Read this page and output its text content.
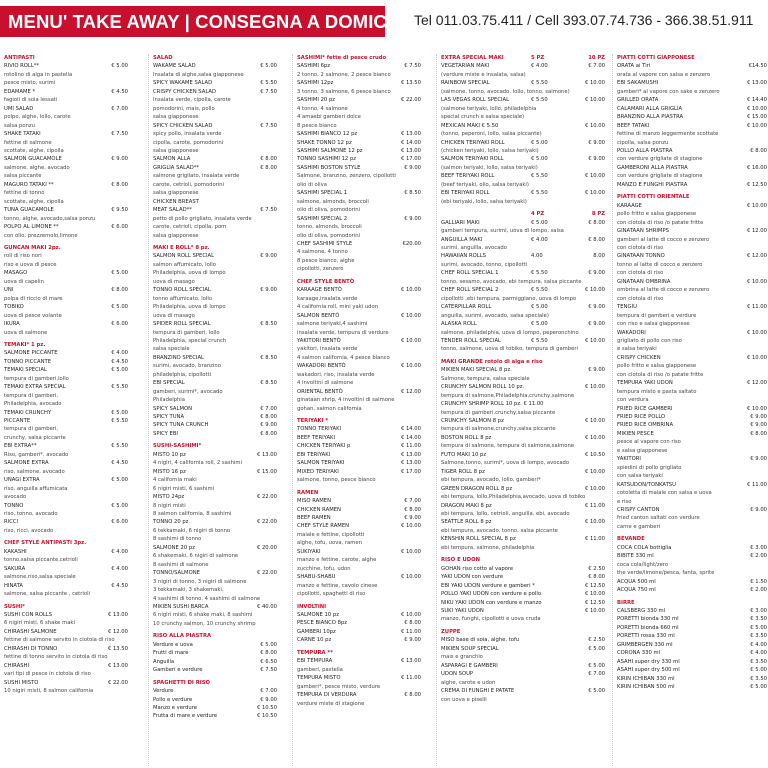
MENU' TAKE AWAY | CONSEGNA A DOMICILO
Tel 011.03.75.411 / Cell 393.07.74.736 - 366.38.51.911
ANTIPASTI
RIVIO ROLL**	€ 5.00
rotolino di alga in pastella
pesce misto, surimi
EDAMAME *	€ 4.50
fagioli di soia lessati
UMI SALAD	€ 7.00
polpo, alghe, lollo, carote
salsa ponzu
SHAKE TATAKI	€ 7.50
fettine di salmone
scottate, alghe, cipolla
SALMON GUACAMOLE	€ 9.00
salmone, alghe, avocado
salsa piccante
MAGURO TATAKI **	€ 8.00
fettine di tonno
scottate, alghe, cipolla
TUNA GUACAMOLE	€ 9.50
tonno, alghe, avocado,salsa ponzu
POLPO AL LIMONE **	€ 6.00
con olio, prezzemolo,limone
GUNCAN MAKI 2pz.
roll di riso nori
riso e uova di pesce
MASAGO	€ 5.00
uova di capelin
UNI	€ 8.00
polpa di riccio di mare
TOBIKO	€ 5.00
uova di pesce volante
IKURA	€ 6.00
uova di salmone
TEMAKI* 1 pz.
SALMONE PICCANTE	€ 4.00
TONNO PICCANTE	€ 4.50
TEMAKI SPECIAL	€ 5.00
tempura di gamberi,lollo
TEMAKI EXTRA SPECIAL	€ 5.50
tempura di gamberi,
Philadelphia, avocado
TEMAKI CRUNCHY	€ 5.00
PICCANTE	€ 5.50
tempura di gamberi,
crunchy, salsa piccante
EBI EXTRA**	€ 5.50
Riso, gamberi*, avocado
SALMONE EXTRA	€ 4.50
riso, salmone, avocado
UNAGI EXTRA	€ 5.00
riso, anguilla affumicata
avocado
TONNO	€ 5.00
riso, tonno, avocado
RICCI	€ 6.00
riso, ricci, avocado
CHEF STYLE ANTIPASTI 3pz.
KAKASHI	€ 4.00
tonno,salsa piccante,cetrioli
SAKURA	€ 4.00
salmone,riso,salsa speciale
HINATA	€ 4.50
salmone, salsa piccante , cetrioli
SUSHI*
SUSHI CON ROLLS	€ 13.00
6 nigiri misti, 6 shake maki
CHIRASHI SALMONE	€ 12.00
fettine di salmone servito in ciotola di riso
CHIRASHI DI TONNO	€ 13.50
fettine di tonno servito in ciotola di riso
CHIRASHI	€ 13.00
vari tipi di pesce in ciotola di riso
SUSHI MISTO	€ 22.00
10 nigiri misti, 8 salmon california
SALAD
WAKAME SALAD	€ 5.00
Insalata di alghe,salsa giapponese
SPICY WAKAME SALAD	€ 5.50
CRISPY CHICKEN SALAD	€ 7.50
Insalata verde, cipolla, carote
pomodorini, mais, pollo
salsa giapponese
SPICY CHICKEN SALAD	€ 7.50
spicy pollo, insalata verde
cipolla, carote, pomodorini
salsa giapponese
SALMON ALLA	€ 8.00
GRIGLIA SALAD**	€ 8.00
salmone grigliato, insalata verde
carote, cetrioli, pomodorini
salsa giapponese
CHICKEN BREAST
MEAT SALAD**	€ 7.50
petto di pollo grigliato, insalata verde
carote, cetrioli, cipolla, pom
salsa giapponese
MAKI E ROLL* 8 pz.
SALMON ROLL SPECIAL	€ 9.00
salmon affumicato, lollo
Philadelphia, uova di lompo
uova di masago
TONNO ROLL SPECIAL	€ 9.00
tonno affumicato, lollo
Philadelphia, uova di lompo
uova di masago
SPIDER ROLL SPECIAL	€ 8.50
tempura di gamberi, lollo
Philadelphia, special crunch
salsa speciale
BRANZINO SPECIAL	€ 8.50
surimi, avocado, branzino
philadelphia, cipollotti
EBI SPECIAL	€ 8.50
gamberi, surimi*, avocado
Philadelphia
SPICY SALMON	€ 7.00
SPICY TUNA	€ 8.00
SPICY TUNA CRUNCH	€ 9.00
SPICY EBI	€ 8.00
SUSHI-SASHIMI*
MISTO 10 pz	€ 13.00
4 nigiri, 4 california roll, 2 sashimi
MISTO 16 pz	€ 15.00
4 california maki
6 nigiri misti, 6 sashimi
MISTO 24pz	€ 22.00
8 nigiri misti
8 salmon california, 8 sashimi
TONNO 20 pz	€ 22.00
6 tekkamaki, 6 nigiri di tonno
8 sashimi di tonno
SALMONE 20 pz	€ 20.00
6 shakemaki, 6 nigiri di salmone
8 sashimi di salmone
TONNO/SALMONE	€ 22.00
3 nigiri di tonno, 3 nigiri di salmone
3 tekkamaki, 3 shakemaki,
4 sashimi di tonno, 4 sashimi di salmone
MIKIEN SUSHI BARCA	€ 40.00
6 nigiri misti, 6 shake maki, 8 sashimi
10 crunchy salmon, 10 crunchy shrimp
RISO ALLA PIASTRA
Verdure e uova	€ 5.00
Frutti di mare	€ 8.00
Anguilla	€ 6.50
Gamberi e verdure	€ 7.50
SPAGHETTI DI RISO
Verdure	€ 7.00
Pollo e verdure	€ 9.00
Manzo e verdure	€ 10.50
Frutta di mare e verdure	€ 10.50
SASHIMI* fette di pesce crudo
SASHIMI 6pz	€ 7.50
2 tonno, 2 salmone, 2 pesce bianco
SASHIMI 12pz	€ 13.50
3 tonno, 3 salmone, 6 pesce bianco
SASHIMI 20 pz	€ 22.00
4 tonno, 4 salmone
4 amaebi gamberi dolce
8 pesce bianco
SASHIMI BIANCO 12 pz	€ 13.00
SHAKE TONNO 12 pz	€ 14.00
SASHIMI SALMONE 12 pz	€ 13.00
TONNO SASHIMI 12 pz	€ 17.00
SASHIMI BOSTON STYLE	€ 9.00
Salmone, branzino, zenzero, cipollotti
olio di oliva
SASHIMI SPECIAL 1	€ 8.50
salmone, almonds, broccoli
olio di oliva, pomodorini
SASHIMI SPECIAL 2	€ 9.00
tonno, almonds, broccoli
olio di oliva, pomodorini
CHEF SASHIMI STYLE	€20.00
4 salmone, 4 tonno
8 pesce bianco, alghe
cipollotti, zenzero
CHEF STYLE BENTÒ
KARAAGE BENTÒ	€ 10.00
karaage,insalata verde
4 california roll, mini yaki udon
SALMON BENTÒ	€ 10.00
salmone teriyaki,4 sashimi
insalata verde, tempura di verdure
YAKITORI BENTÒ	€ 10.00
yakitori, insalata verde
4 salmon california, 4 pesce bianco
WAKADORI BENTÒ	€ 10.00
wakadori, riso, insalata verde
4 involtini di salmone
ORIENTAL BENTÒ	€ 12.00
ginataan shrip, 4 involtini di salmone
gohan, salmon california
TERIYAKI *
TONNO TERIYAKI	€ 14.00
BEEF TERIYAKI	€ 14.00
CHICKEN TERIYAKI p	€ 11.00
EBI TERIYAKI	€ 13.00
SALMON TERIYAKI	€ 13.00
MIXED TERIYAKI	€ 17.00
salmone, tonno, pesce bianco
RAMEN
MISO RAMEN	€ 7.00
CHICKEN RAMEN	€ 8.00
BEEF RAMEN	€ 9.00
CHEF STYLE RAMEN	€ 10.00
maiale e fettine, cipollotti
alghe, tofu, uova, ramen
SUKIYAKI	€ 10.00
manzo e fettine, carote, alghe
zucchine, tofu, udon
SHABU-SHABU	€ 10.00
manzo e fettine, cavolo cinese
cipollotti, spaghetti di riso
INVOLTINI
SALMONE 10 pz	€ 10.00
PESCE BIANCO 8pz	€ 8.00
GAMBERI 10pz	€ 11.00
CARNE 10 pz	€ 9.00
TEMPURA **
EBI TEMPURA	€ 13.00
gamberi, pastella
TEMPURA MISTO	€ 11.00
gamberi*, pesce misto, verdure
TEMPURA DI VERDURA	€ 8.00
verdure miste di stagione
EXTRA SPECIAL MAKI	5 PZ	10 PZ
VEGETARIAN MAKI	€ 4.00	€ 7.00
(verdure miste e insalata, salsa)
RAINBOW SPECIAL	€ 5.50	€ 10.00
(salmone, tonno, avocado, lollo, tonno, salmone)
LAS VEGAS ROLL SPECIAL	€ 5.50	€ 10.00
(salmone teriyaki, lollo, philadelphia
special crunch e salsa speciale)
MEXICAN MAKI € 5.50	€ 10.00
(tonno, peperoni, lollo, salsa piccante)
CHICKEN TERIYAKI ROLL	€ 5.00	€ 9.00
(chicken teriyaki, lollo, salsa teriyaki)
SALMON TERIYAKI ROLL	€ 5.00	€ 9.00
(salmon teriyaki, lollo, salsa teriyaki)
BEEF TERIYAKI ROLL	€ 5.50	€ 10.00
(beef teriyaki, olio, salsa teriyaki)
EBI TERIYAKI ROLL	€ 5.50	€ 10.00
(ebi teriyaki, lollo, salsa teriyaki)
4 PZ	8 PZ
GALLIARI MAKI	€ 5.00	€ 8.00
gamberi tempura, surimi, uova di lompo, salsa
ANGUILLA MAKI	€ 4.00	€ 8.00
surimi, anguilla, avocado
HAWAIIAN ROLLS	4.00	8.00
surimi, avocado, tonno, cipollotti
CHEF ROLL SPECIAL 1	€ 5.50	€ 9.00
tonno, sesamo, avocado, ebi tempura, salsa piccante
CHEF ROLL SPECIAL 2	€ 5.50	€ 10.00
cipollotti ,ebi tempura, parmiggiano, uova di lompo
CATERPILLAR ROLL	€ 5.00	€ 9.00
anguilla, surimi, avocado, salsa speciale)
ALASKA ROLL	€ 5.00	€ 9.00
salmone, philadelphia, uova di lompo, peperonchino
TENDER ROLL SPECIAL	€ 5.50	€ 10.00
tonno, salmone, uova di tobiko, tempura di gamberi
MAKI GRANDE rotolo di alga e riso
MIKIEN MAKI SPECIAL 8 pz.	€ 9.00
Salmone, tempura, salsa speciale
CRUNCHY SALMON ROLL 10 pz.	€ 10.00
tempura di salmone,Philadelphia,crunchy,salmone
CRUNCHY SHRIMP ROLL 10 pz. € 11.00
tempura di gamberi,crunchy,salsa piccante
CRUNCHY SALMON 8 pz	€ 10.00
tempura di salmone,crunchy,salsa piccante
BOSTON ROLL 8 pz	€ 10.00
tempura di salmone, tempura di salmone,salmone
FUTO MAKI 10 pz	€ 10.50
Salmone,tonno, surimi*, uova di lompo, avocado
TIGER ROLL 8 pz	€ 10.00
ebi tempura, avocado, lollo, gamberi*
GREEN DRAGON ROLL 8 pz	€ 10.00
ebi tempura, lollo,Philadelphia,avocado, uova di tobiko
DRAGON MAKI 8 pz	€ 11.00
ebi tempura, lollo, cetrioli, anguilla, ebi, avocado
SEATTLE ROLL 8 pz	€ 10.00
ebi tempura, avocado, tonno, salsa piccante
KENSHIN ROLL SPECIAL 8 pz	€ 11.00
ebi tempura, salmone, philadelphia
RISO E UDON
GOHAN riso cotto al vapore	€ 2.50
YAKI UDON con verdure	€ 8.00
EBI YAKI UDON verdure e gamberi *	€ 12.50
POLLO YAKI UDON con verdure e pollo	€ 10.00
NIKU YAKI UDON con verdure e manzo	€ 12.50
SUKI YAKI UDON	€ 10.00
manzo, funghi, cipollotti e uova cruda
ZUPPE
MISO base di soia, alghe, tofu	€ 2.50
MIKIEN SOUP SPECIAL	€ 5.00
mais e granchio
ASPARAGI E GAMBERI	€ 5.00
UDON SOUP	€ 7.00
alghe, carote e udon
CREMA DI FUNGHI E PATATE	€ 5.00
con uova e piselli
PIATTI COTTI GIAPPONESE
ORATA ai Tiri	€14.50
orata al vapore con salsa e zenzero
EBI SAKAMUSHI	€ 13.00
gamberi* al vapore con sake e zenzero
GRILLED ORATA	€ 14.40
CALAMARI ALLA GRIGLIA	€ 10.00
BRANZINO ALLA PIASTRA	€ 15.00
BEEF TATAKI	€ 10.00
fettine di manzo leggermente scottate
cipolla, salsa ponzu
POLLO ALLA PIASTRA	€ 8.00
con verdure grigliate di stagione
GAMBERONI ALLA PIASTRA	€ 16.00
con verdure grigliate di stagione
MANZO E FUNGHI PIASTRA	€ 12.50
PIATTI COTTI ORIENTALE
KARAAGE	€ 10.00
pollo fritto e salsa giapponese
con ciotola di riso /o patate fritte
GINATAAN SHRIMPS	€ 12.00
gamberi al latte di cocco e zenzero
con ciotola di riso
GINATAAN TONNO	€ 12.00
tonno al latte di cocco e zenzero
con ciotola di riso
GINATAAN OMBRINA	€ 10.00
ombrina al latte di cocco e zenzero
con ciotola di riso
TENGIU	€ 11.00
tempura di gamberi e verdure
con riso e salsa giapponese
WAKADORI	€ 10.00
grigliato di pollo con riso
e salsa teriyaki
CRISPY CHICKEN	€ 10.00
pollo fritto e salsa giapponese
con ciotola di riso /o patate fritte
TEMPURA YAKI UDON	€ 12.00
tempura misto e pasta saltato
con verdura
FRIED RICE GAMBERI	€ 10.00
FRIED RICE POLLO	€ 9.00
FRIED RICE OMBRINA	€ 9.00
MIKIEN PESCE	€ 8.00
pesce al vapore con riso
e salsa giapponese
YAKITORI	€ 9.00
spiedini di pollo grigliato
con salsa teriyaki
KATSUDON/TONKATSU	€ 11.00
cotoletta di maiale con salsa e uova
e riso
CRISPY CANTON	€ 9.00
fried canton saltati con verdure
carne e gamberi
BEVANDE
COCA COLA bottiglia	€ 3.00
BIBITE 330 ml	€ 2.00
coca cola/light/zero
the verde/limone/pesca, fanta, sprite
ACQUA 500 ml	€ 1.50
ACQUA 750 ml	€ 2.00
BIRRE
CALSBERG 330 ml	€ 3.00
PORETTI bionda 330 ml	€ 3.50
PORETTI bionda 660 ml	€ 5.00
PORETTI rossa 330 ml	€ 3.50
GRIMBERGEN 330 ml	€ 4.00
CORONA 330 ml	€ 4.00
ASAHI super dry 330 ml	€ 3.50
ASAHI super dry 500 ml	€ 5.00
KIRIN ICHIBAN 330 ml	€ 3.50
KIRIN ICHIBAN 500 ml	€ 5.00
